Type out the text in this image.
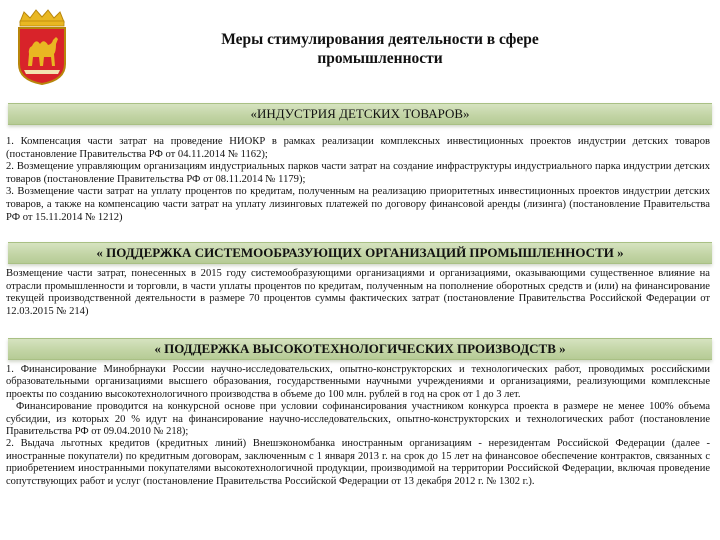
Меры стимулирования деятельности в сфере
промышленности
«ИНДУСТРИЯ ДЕТСКИХ ТОВАРОВ»

1. Компенсация части затрат на проведение НИОКР в рамках реализации комплексных инвестиционных проектов индустрии детских товаров (постановление Правительства РФ от 04.11.2014 № 1162);

2. Возмещение управляющим организациям индустриальных парков части затрат на создание инфраструктуры индустриального парка индустрии детских товаров (постановление Правительства РФ от 08.11.2014 № 1179);

3. Возмещение части затрат на уплату процентов по кредитам, полученным на реализацию приоритетных инвестиционных проектов индустрии детских товаров, а также на компенсацию части затрат на уплату лизинговых платежей по договору финансовой аренды (лизинга) (постановление Правительства РФ от 15.11.2014 № 1212)

« ПОДДЕРЖКА СИСТЕМООБРАЗУЮЩИХ ОРГАНИЗАЦИЙ ПРОМЫШЛЕННОСТИ »

Возмещение части затрат, понесенных в 2015 году системообразующими организациями и организациями, оказывающими существенное влияние на отрасли промышленности и торговли, в части уплаты процентов по кредитам, полученным на пополнение оборотных средств и (или) на финансирование текущей производственной деятельности в размере 70 процентов суммы фактических затрат (постановление Правительства Российской Федерации от 12.03.2015 № 214)

« ПОДДЕРЖКА ВЫСОКОТЕХНОЛОГИЧЕСКИХ ПРОИЗВОДСТВ »

1. Финансирование Минобрнауки России научно-исследовательских, опытно-конструкторских и технологических работ, проводимых российскими образовательными организациями высшего образования, государственными научными учреждениями и организациями, реализующими комплексные проекты по созданию высокотехнологичного производства в объеме до 100 млн. рублей в год на срок от 1 до 3 лет.

Финансирование проводится на конкурсной основе при условии софинансирования участником конкурса проекта в размере не менее 100% объема субсидии, из которых 20 % идут на финансирование научно-исследовательских, опытно-конструкторских и технологических работ (постановление Правительства РФ от 09.04.2010 № 218);

2. Выдача льготных кредитов (кредитных линий) Внешэкономбанка иностранным организациям - нерезидентам Российской Федерации (далее - иностранные покупатели) по кредитным договорам, заключенным с 1 января 2013 г. на срок до 15 лет на финансовое обеспечение контрактов, связанных с приобретением иностранными покупателями высокотехнологичной продукции, производимой на территории Российской Федерации, включая проведение сопутствующих работ и услуг (постановление Правительства Российской Федерации от 13 декабря 2012 г. № 1302 г.).
